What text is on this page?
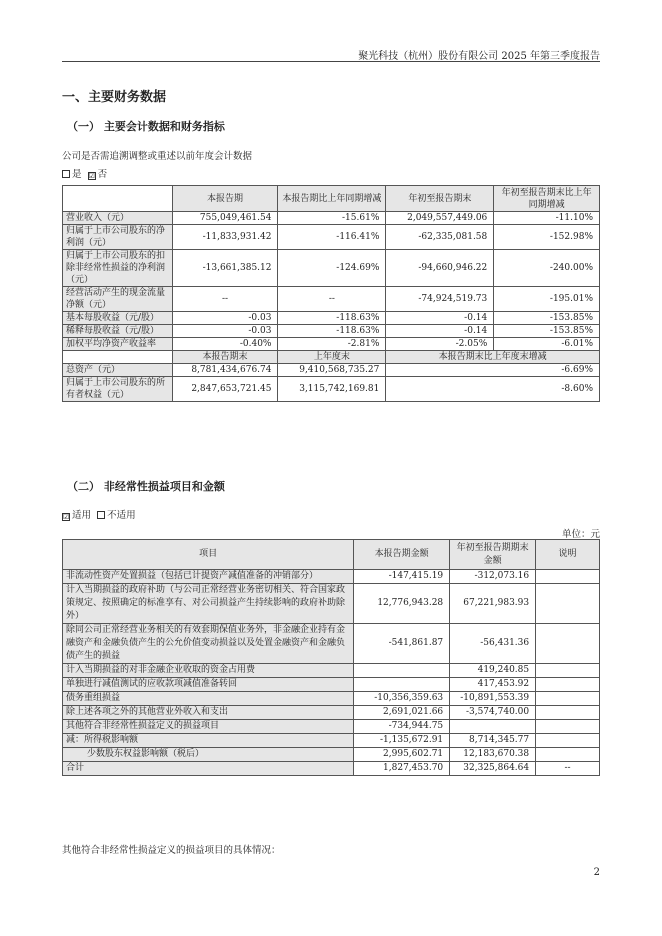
聚光科技（杭州）股份有限公司 2025 年第三季度报告
一、主要财务数据
（一） 主要会计数据和财务指标
公司是否需追溯调整或重述以前年度会计数据
是 ☑ 否
	本报告期	本报告期比上年同期增减	年初至报告期末	年初至报告期末比上年同期增减
营业收入（元）	755,049,461.54	-15.61%	2,049,557,449.06	-11.10%
归属于上市公司股东的净利润（元）	-11,833,931.42	-116.41%	-62,335,081.58	-152.98%
归属于上市公司股东的扣除非经常性损益的净利润（元）	-13,661,385.12	-124.69%	-94,660,946.22	-240.00%
经营活动产生的现金流量净额（元）	--	--	-74,924,519.73	-195.01%
基本每股收益（元/股）	-0.03	-118.63%	-0.14	-153.85%
稀释每股收益（元/股）	-0.03	-118.63%	-0.14	-153.85%
加权平均净资产收益率	-0.40%	-2.81%	-2.05%	-6.01%
	本报告期末	上年度末	本报告期末比上年度末增减	
总资产（元）	8,781,434,676.74	9,410,568,735.27	-6.69%	
归属于上市公司股东的所有者权益（元）	2,847,653,721.45	3,115,742,169.81	-8.60%	
（二） 非经常性损益项目和金额
☑ 适用 不适用
单位：元
项目	本报告期金额	年初至报告期期末金额	说明
非流动性资产处置损益（包括已计提资产减值准备的冲销部分）	-147,415.19	-312,073.16	
计入当期损益的政府补助（与公司正常经营业务密切相关、符合国家政策规定、按照确定的标准享有、对公司损益产生持续影响的政府补助除外）	12,776,943.28	67,221,983.93	
除同公司正常经营业务相关的有效套期保值业务外，非金融企业持有金融资产和金融负债产生的公允价值变动损益以及处置金融资产和金融负债产生的损益	-541,861.87	-56,431.36	
计入当期损益的对非金融企业收取的资金占用费		419,240.85	
单独进行减值测试的应收款项减值准备转回		417,453.92	
债务重组损益	-10,356,359.63	-10,891,553.39	
除上述各项之外的其他营业外收入和支出	2,691,021.66	-3,574,740.00	
其他符合非经常性损益定义的损益项目	-734,944.75		
减：所得税影响额	-1,135,672.91	8,714,345.77	
少数股东权益影响额（税后）	2,995,602.71	12,183,670.38	
合计	1,827,453.70	32,325,864.64	--
其他符合非经常性损益定义的损益项目的具体情况：
2
